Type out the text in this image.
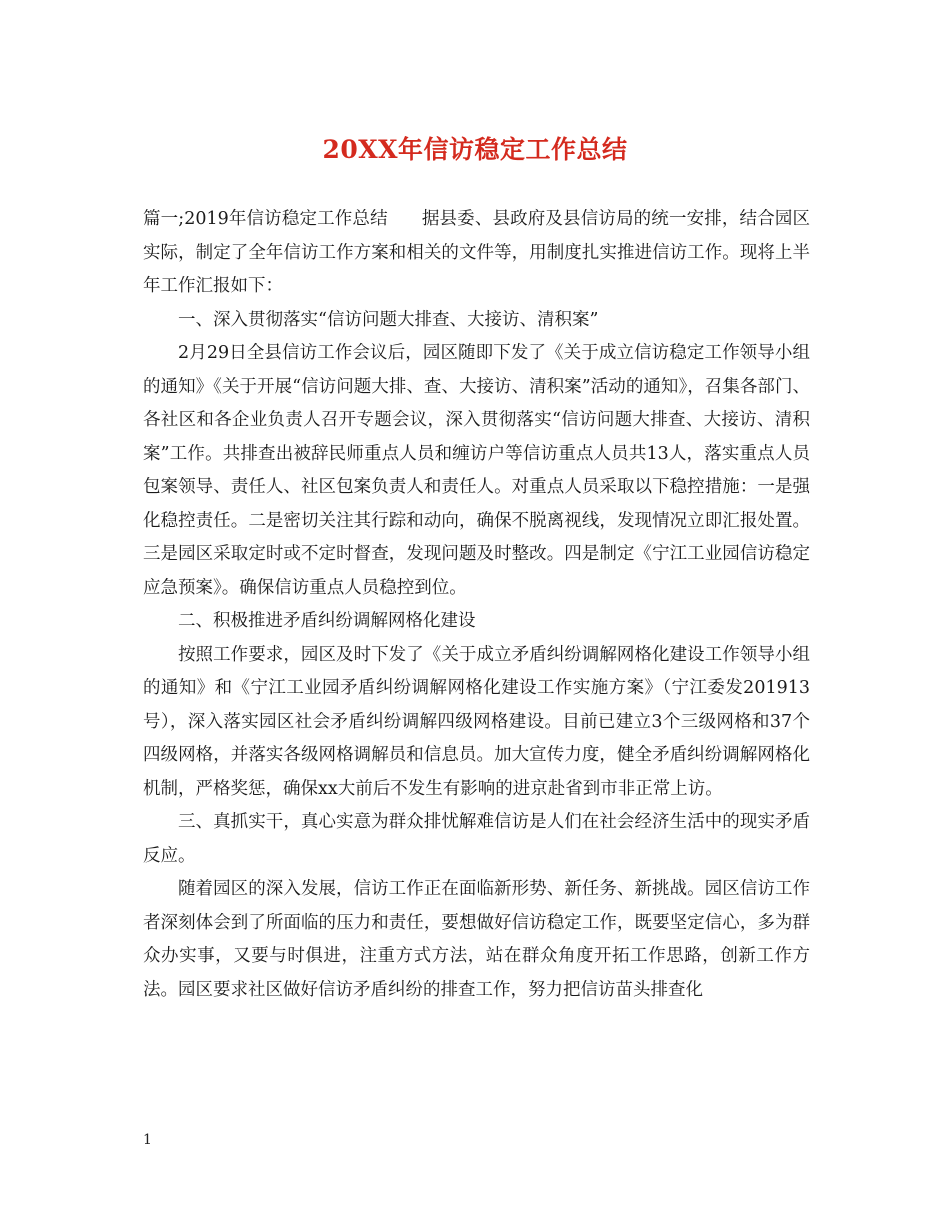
20XX年信访稳定工作总结

篇一;2019年信访稳定工作总结 据县委、县政府及县信访局的统一安排，结合园区实际，制定了全年信访工作方案和相关的文件等，用制度扎实推进信访工作。现将上半年工作汇报如下：

一、深入贯彻落实“信访问题大排查、大接访、清积案”

2月29日全县信访工作会议后，园区随即下发了《关于成立信访稳定工作领导小组的通知》《关于开展“信访问题大排、查、大接访、清积案”活动的通知》，召集各部门、各社区和各企业负责人召开专题会议，深入贯彻落实“信访问题大排查、大接访、清积案”工作。共排查出被辞民师重点人员和缠访户等信访重点人员共13人，落实重点人员包案领导、责任人、社区包案负责人和责任人。对重点人员采取以下稳控措施：一是强化稳控责任。二是密切关注其行踪和动向，确保不脱离视线，发现情况立即汇报处置。三是园区采取定时或不定时督查，发现问题及时整改。四是制定《宁江工业园信访稳定应急预案》。确保信访重点人员稳控到位。

二、积极推进矛盾纠纷调解网格化建设

按照工作要求，园区及时下发了《关于成立矛盾纠纷调解网格化建设工作领导小组的通知》和《宁江工业园矛盾纠纷调解网格化建设工作实施方案》（宁江委发201913号），深入落实园区社会矛盾纠纷调解四级网格建设。目前已建立3个三级网格和37个四级网格，并落实各级网格调解员和信息员。加大宣传力度，健全矛盾纠纷调解网格化机制，严格奖惩，确保xx大前后不发生有影响的进京赴省到市非正常上访。

三、真抓实干，真心实意为群众排忧解难信访是人们在社会经济生活中的现实矛盾反应。

随着园区的深入发展，信访工作正在面临新形势、新任务、新挑战。园区信访工作者深刻体会到了所面临的压力和责任，要想做好信访稳定工作，既要坚定信心，多为群众办实事，又要与时俱进，注重方式方法，站在群众角度开拓工作思路，创新工作方法。园区要求社区做好信访矛盾纠纷的排查工作，努力把信访苗头排查化

1
